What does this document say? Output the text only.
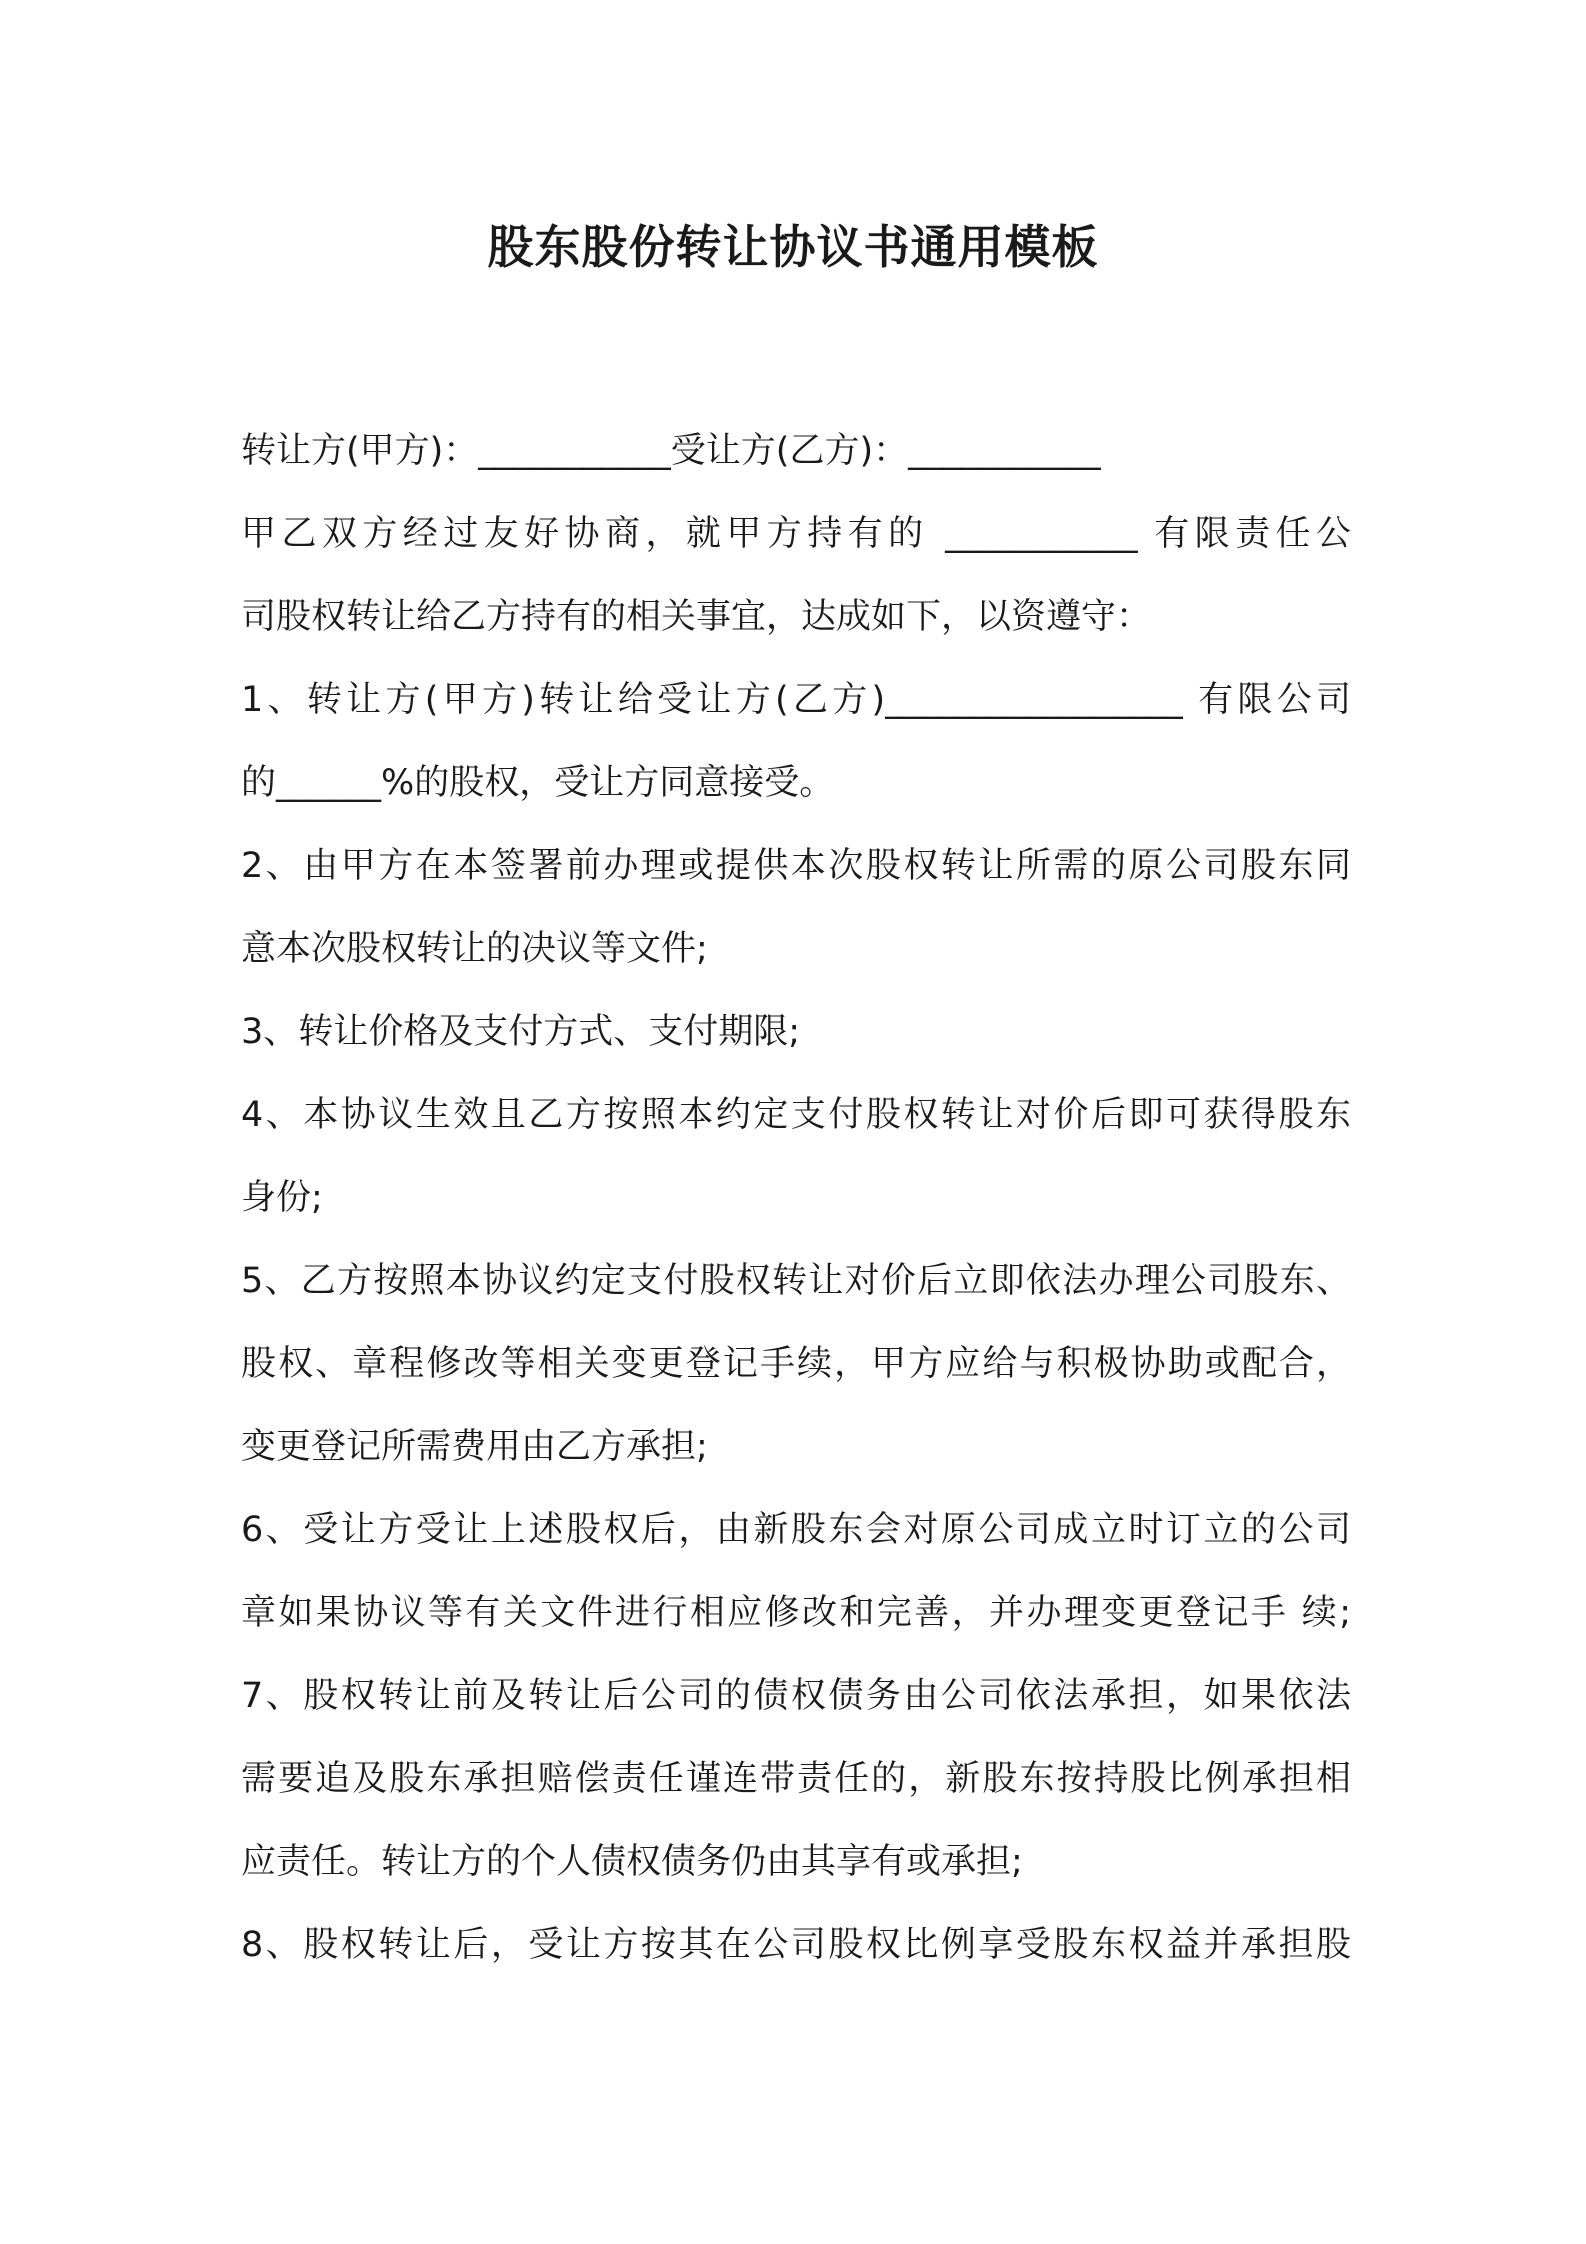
股东股份转让协议书通用模板

转让方(甲方)：___________受让方(乙方)：___________

甲乙双方经过友好协商，就甲方持有的 ___________ 有限责任公

司股权转让给乙方持有的相关事宜，达成如下，以资遵守：

1、转让方(甲方)转让给受让方(乙方)_________________ 有限公司

的______%的股权，受让方同意接受。

2、由甲方在本签署前办理或提供本次股权转让所需的原公司股东同

意本次股权转让的决议等文件;

3、转让价格及支付方式、支付期限;

4、本协议生效且乙方按照本约定支付股权转让对价后即可获得股东

身份;

5、乙方按照本协议约定支付股权转让对价后立即依法办理公司股东、

股权、章程修改等相关变更登记手续，甲方应给与积极协助或配合，

变更登记所需费用由乙方承担;

6、受让方受让上述股权后，由新股东会对原公司成立时订立的公司

章如果协议等有关文件进行相应修改和完善，并办理变更登记手 续;

7、股权转让前及转让后公司的债权债务由公司依法承担，如果依法

需要追及股东承担赔偿责任谨连带责任的，新股东按持股比例承担相

应责任。转让方的个人债权债务仍由其享有或承担;

8、股权转让后，受让方按其在公司股权比例享受股东权益并承担股
